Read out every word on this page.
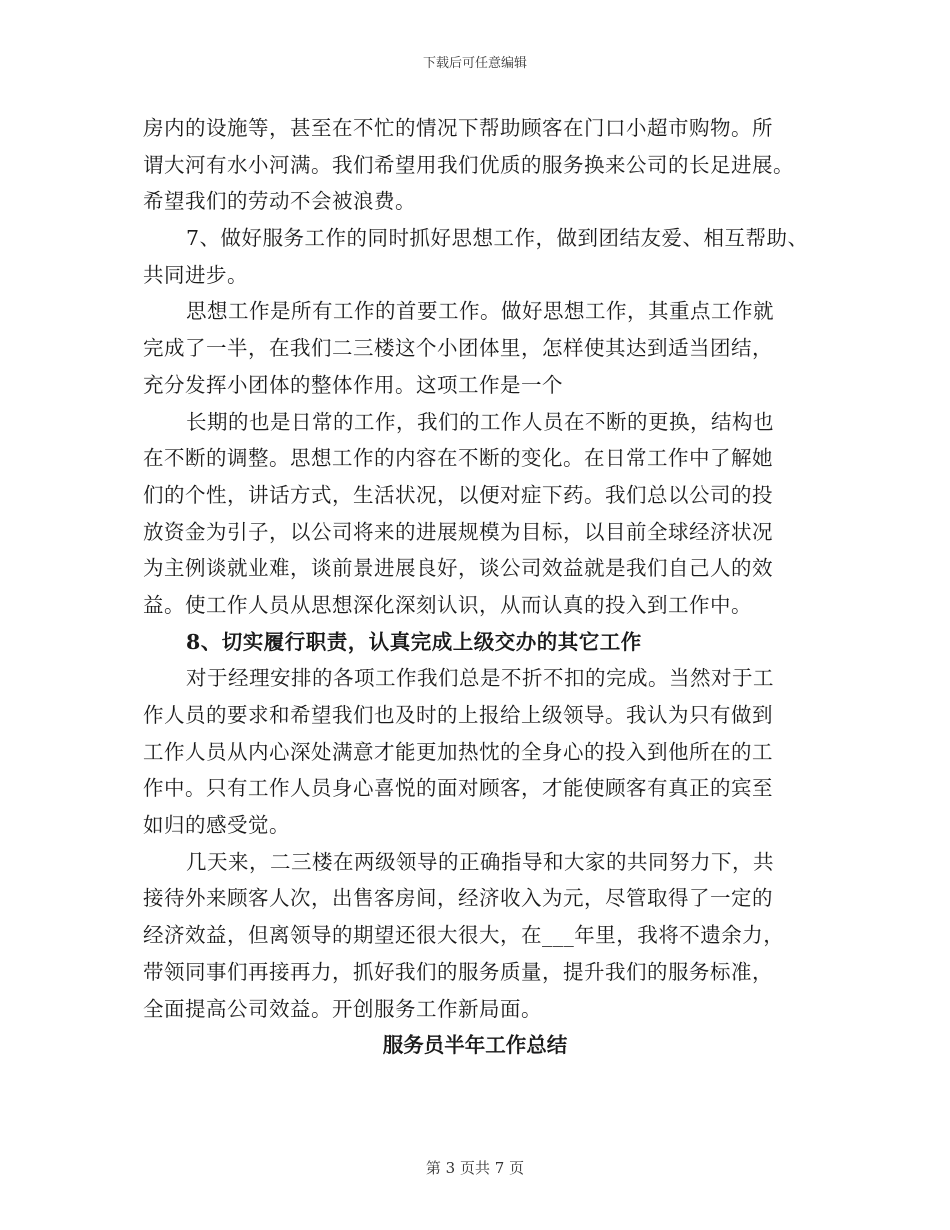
下载后可任意编辑
房内的设施等，甚至在不忙的情况下帮助顾客在门口小超市购物。所
谓大河有水小河满。我们希望用我们优质的服务换来公司的长足进展。
希望我们的劳动不会被浪费。
7、做好服务工作的同时抓好思想工作，做到团结友爱、相互帮助、
共同进步。
思想工作是所有工作的首要工作。做好思想工作，其重点工作就
完成了一半，在我们二三楼这个小团体里，怎样使其达到适当团结，
充分发挥小团体的整体作用。这项工作是一个
长期的也是日常的工作，我们的工作人员在不断的更换，结构也
在不断的调整。思想工作的内容在不断的变化。在日常工作中了解她
们的个性，讲话方式，生活状况，以便对症下药。我们总以公司的投
放资金为引子，以公司将来的进展规模为目标，以目前全球经济状况
为主例谈就业难，谈前景进展良好，谈公司效益就是我们自己人的效
益。使工作人员从思想深化深刻认识，从而认真的投入到工作中。
8、切实履行职责，认真完成上级交办的其它工作
对于经理安排的各项工作我们总是不折不扣的完成。当然对于工
作人员的要求和希望我们也及时的上报给上级领导。我认为只有做到
工作人员从内心深处满意才能更加热忱的全身心的投入到他所在的工
作中。只有工作人员身心喜悦的面对顾客，才能使顾客有真正的宾至
如归的感受觉。
几天来，二三楼在两级领导的正确指导和大家的共同努力下，共
接待外来顾客人次，出售客房间，经济收入为元，尽管取得了一定的
经济效益，但离领导的期望还很大很大，在___年里，我将不遗余力，
带领同事们再接再力，抓好我们的服务质量，提升我们的服务标准，
全面提高公司效益。开创服务工作新局面。
服务员半年工作总结
第 3 页共 7 页
